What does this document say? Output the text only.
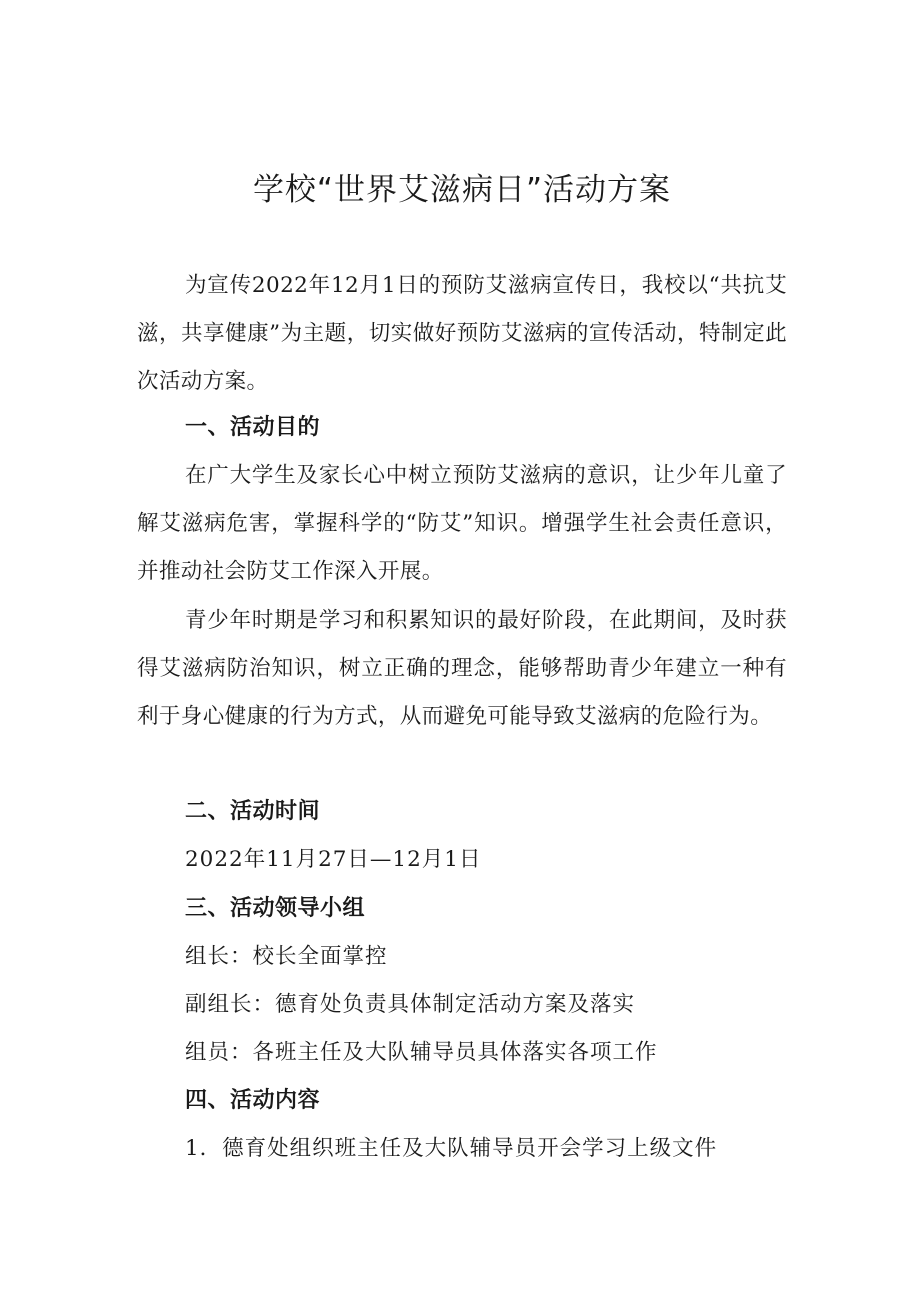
学校“世界艾滋病日”活动方案

为宣传2022年12月1日的预防艾滋病宣传日，我校以“共抗艾滋，共享健康”为主题，切实做好预防艾滋病的宣传活动，特制定此次活动方案。

一、活动目的

在广大学生及家长心中树立预防艾滋病的意识，让少年儿童了解艾滋病危害，掌握科学的“防艾”知识。增强学生社会责任意识，并推动社会防艾工作深入开展。

青少年时期是学习和积累知识的最好阶段，在此期间，及时获得艾滋病防治知识，树立正确的理念，能够帮助青少年建立一种有利于身心健康的行为方式，从而避免可能导致艾滋病的危险行为。

二、活动时间

2022年11月27日—12月1日

三、活动领导小组

组长：校长全面掌控

副组长：德育处负责具体制定活动方案及落实

组员：各班主任及大队辅导员具体落实各项工作

四、活动内容

1．德育处组织班主任及大队辅导员开会学习上级文件
